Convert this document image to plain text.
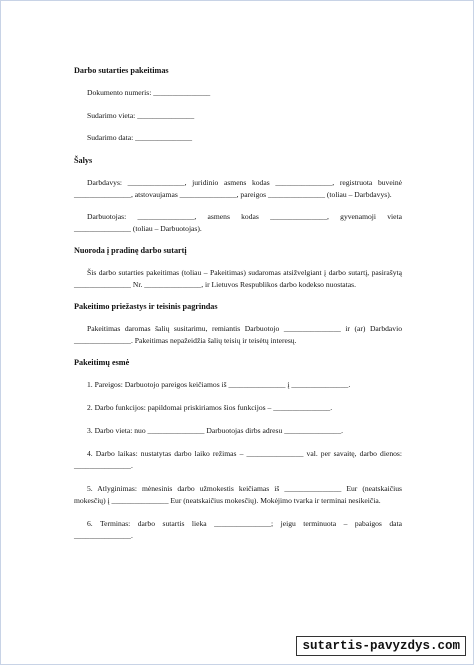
Darbo sutarties pakeitimas

Dokumento numeris: _______________

Sudarimo vieta: _______________

Sudarimo data: _______________

Šalys

Darbdavys: _______________, juridinio asmens kodas _______________, registruota buveinė _______________, atstovaujamas _______________, pareigos _______________ (toliau – Darbdavys).

Darbuotojas: _______________, asmens kodas _______________, gyvenamoji vieta _______________ (toliau – Darbuotojas).

Nuoroda į pradinę darbo sutartį

Šis darbo sutarties pakeitimas (toliau – Pakeitimas) sudaromas atsižvelgiant į darbo sutartį, pasirašytą _______________ Nr. _______________, ir Lietuvos Respublikos darbo kodekso nuostatas.

Pakeitimo priežastys ir teisinis pagrindas

Pakeitimas daromas šalių susitarimu, remiantis Darbuotojo _______________ ir (ar) Darbdavio _______________. Pakeitimas nepažeidžia šalių teisių ir teisėtų interesų.

Pakeitimų esmė

1. Pareigos: Darbuotojo pareigos keičiamos iš _______________ į _______________.

2. Darbo funkcijos: papildomai priskiriamos šios funkcijos – _______________.

3. Darbo vieta: nuo _______________ Darbuotojas dirbs adresu _______________.

4. Darbo laikas: nustatytas darbo laiko režimas – _______________ val. per savaitę, darbo dienos: _______________.

5. Atlyginimas: mėnesinis darbo užmokestis keičiamas iš _______________ Eur (neatskaičius mokesčių) į _______________ Eur (neatskaičius mokesčių). Mokėjimo tvarka ir terminai nesikeičia.

6. Terminas: darbo sutartis lieka _______________; jeigu terminuota – pabaigos data _______________.

sutartis-pavyzdys.com
